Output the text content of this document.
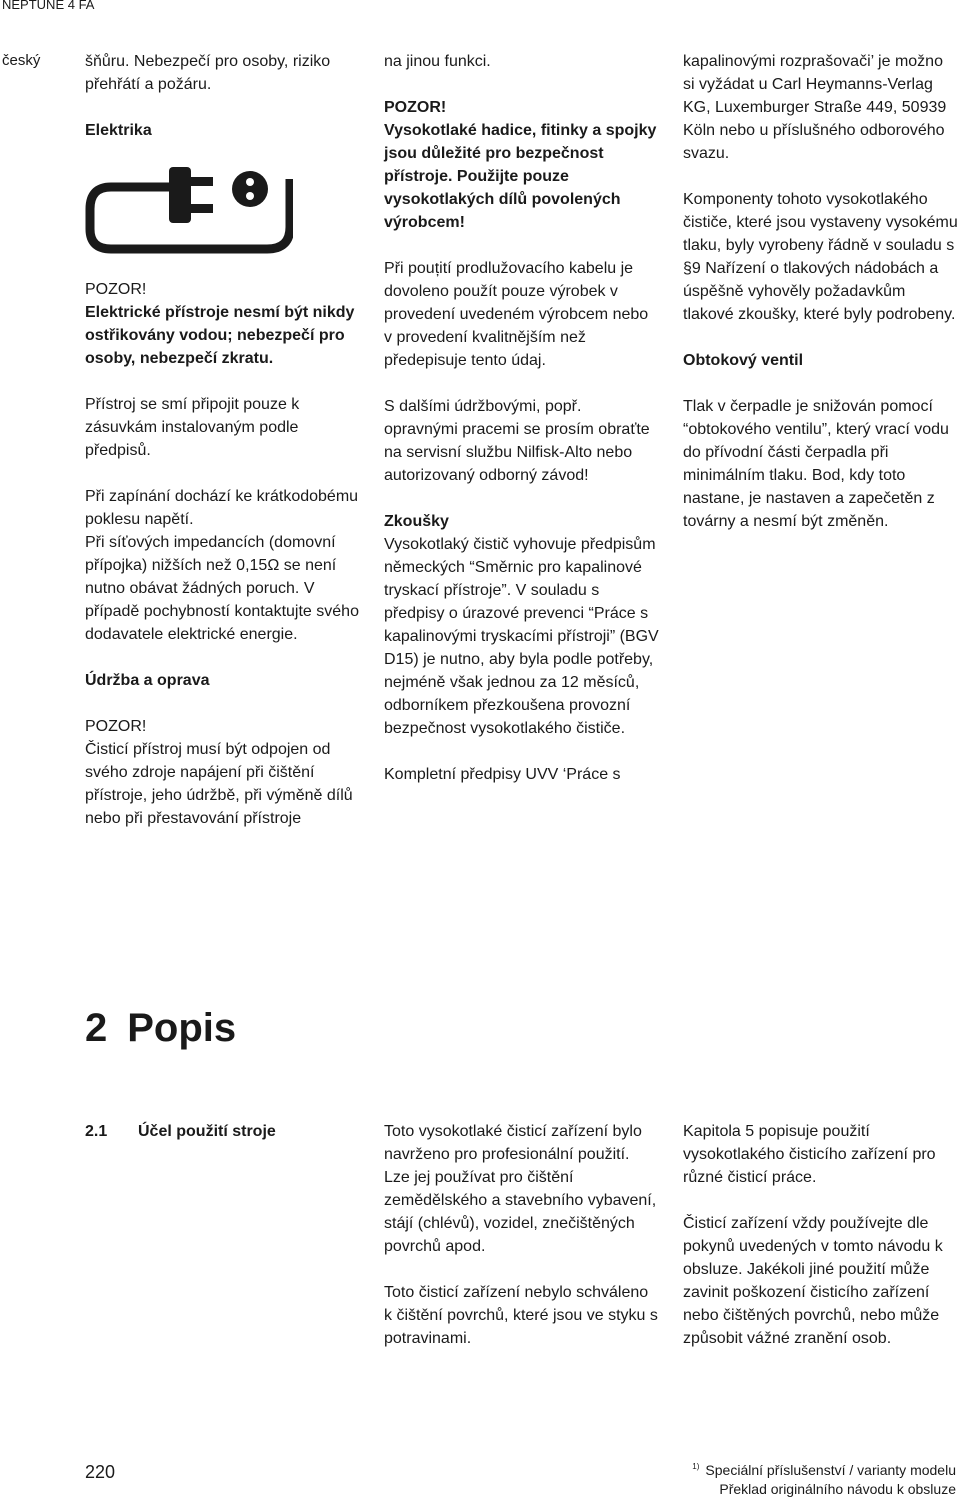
NEPTUNE 4 FA
český	šňůru. Nebezpečí pro osoby, riziko přehřátí a požáru.

Elektrika

POZOR!

Elektrické přístroje nesmí být nikdy ostřikovány vodou; nebezpečí pro osoby, nebezpečí zkratu.

Přístroj se smí připojit pouze k zásuvkám instalovaným podle předpisů.

Při zapínání dochází ke krátkodobému poklesu napětí.

Při síťových impedancích (domovní přípojka) nižších než 0,15Ω se není nutno obávat žádných poruch. V případě pochybností kontaktujte svého dodavatele elektrické energie.

Údržba a oprava

POZOR!

Čisticí přístroj musí být odpojen od svého zdroje napájení při čištění přístroje, jeho údržbě, při výměně dílů nebo při přestavování přístroje

na jinou funkci.

POZOR!

Vysokotlaké hadice, fitinky a spojky jsou důležité pro bezpečnost přístroje. Použijte pouze vysokotlakých dílů povolených výrobcem!

Při pouțití prodlužovacího kabelu je dovoleno použít pouze výrobek v provedení uvedeném výrobcem nebo v provedení kvalitnějším než předepisuje tento údaj.

S dalšími údržbovými, popř. opravnými pracemi se prosím obraťte na servisní službu Nilfisk-Alto nebo autorizovaný odborný závod!

Zkoušky

Vysokotlaký čistič vyhovuje předpisům německých “Směrnic pro kapalinové tryskací přístroje”. V souladu s předpisy o úrazové prevenci “Práce s kapalinovými tryskacími přístroji” (BGV D15) je nutno, aby byla podle potřeby, nejméně však jednou za 12 měsíců, odborníkem přezkoušena provozní bezpečnost vysokotlakého čističe.

Kompletní předpisy UVV ‘Práce s

kapalinovými rozprašovači’ je možno si vyžádat u Carl Heymanns-Verlag KG, Luxemburger Straße 449, 50939 Köln nebo u příslušného odborového svazu.

Komponenty tohoto vysokotlakého čističe, které jsou vystaveny vysokému tlaku, byly vyrobeny řádně v souladu s §9 Nařízení o tlakových nádobách a úspěšně vyhověly požadavkům tlakové zkoušky, které byly podrobeny.

Obtokový ventil

Tlak v čerpadle je snižován pomocí “obtokového ventilu”, který vrací vodu do přívodní části čerpadla při minimálním tlaku. Bod, kdy toto nastane, je nastaven a zapečetěn z továrny a nesmí být změněn.

2 Popis
2.1 Účel použití stroje	Toto vysokotlaké čisticí zařízení bylo navrženo pro profesionální použití. Lze jej používat pro čištění zemědělského a stavebního vybavení, stájí (chlévů), vozidel, znečištěných povrchů apod.

Toto čisticí zařízení nebylo schváleno k čištění povrchů, které jsou ve styku s potravinami.

Kapitola 5 popisuje použití vysokotlakého čisticího zařízení pro různé čisticí práce.

Čisticí zařízení vždy používejte dle pokynů uvedených v tomto návodu k obsluze. Jakékoli jiné použití může zavinit poškození čisticího zařízení nebo čištěných povrchů, nebo může způsobit vážné zranění osob.

220	$^{1)}$ Speciální příslušenství / varianty modelu
Překlad originálního návodu k obsluze
